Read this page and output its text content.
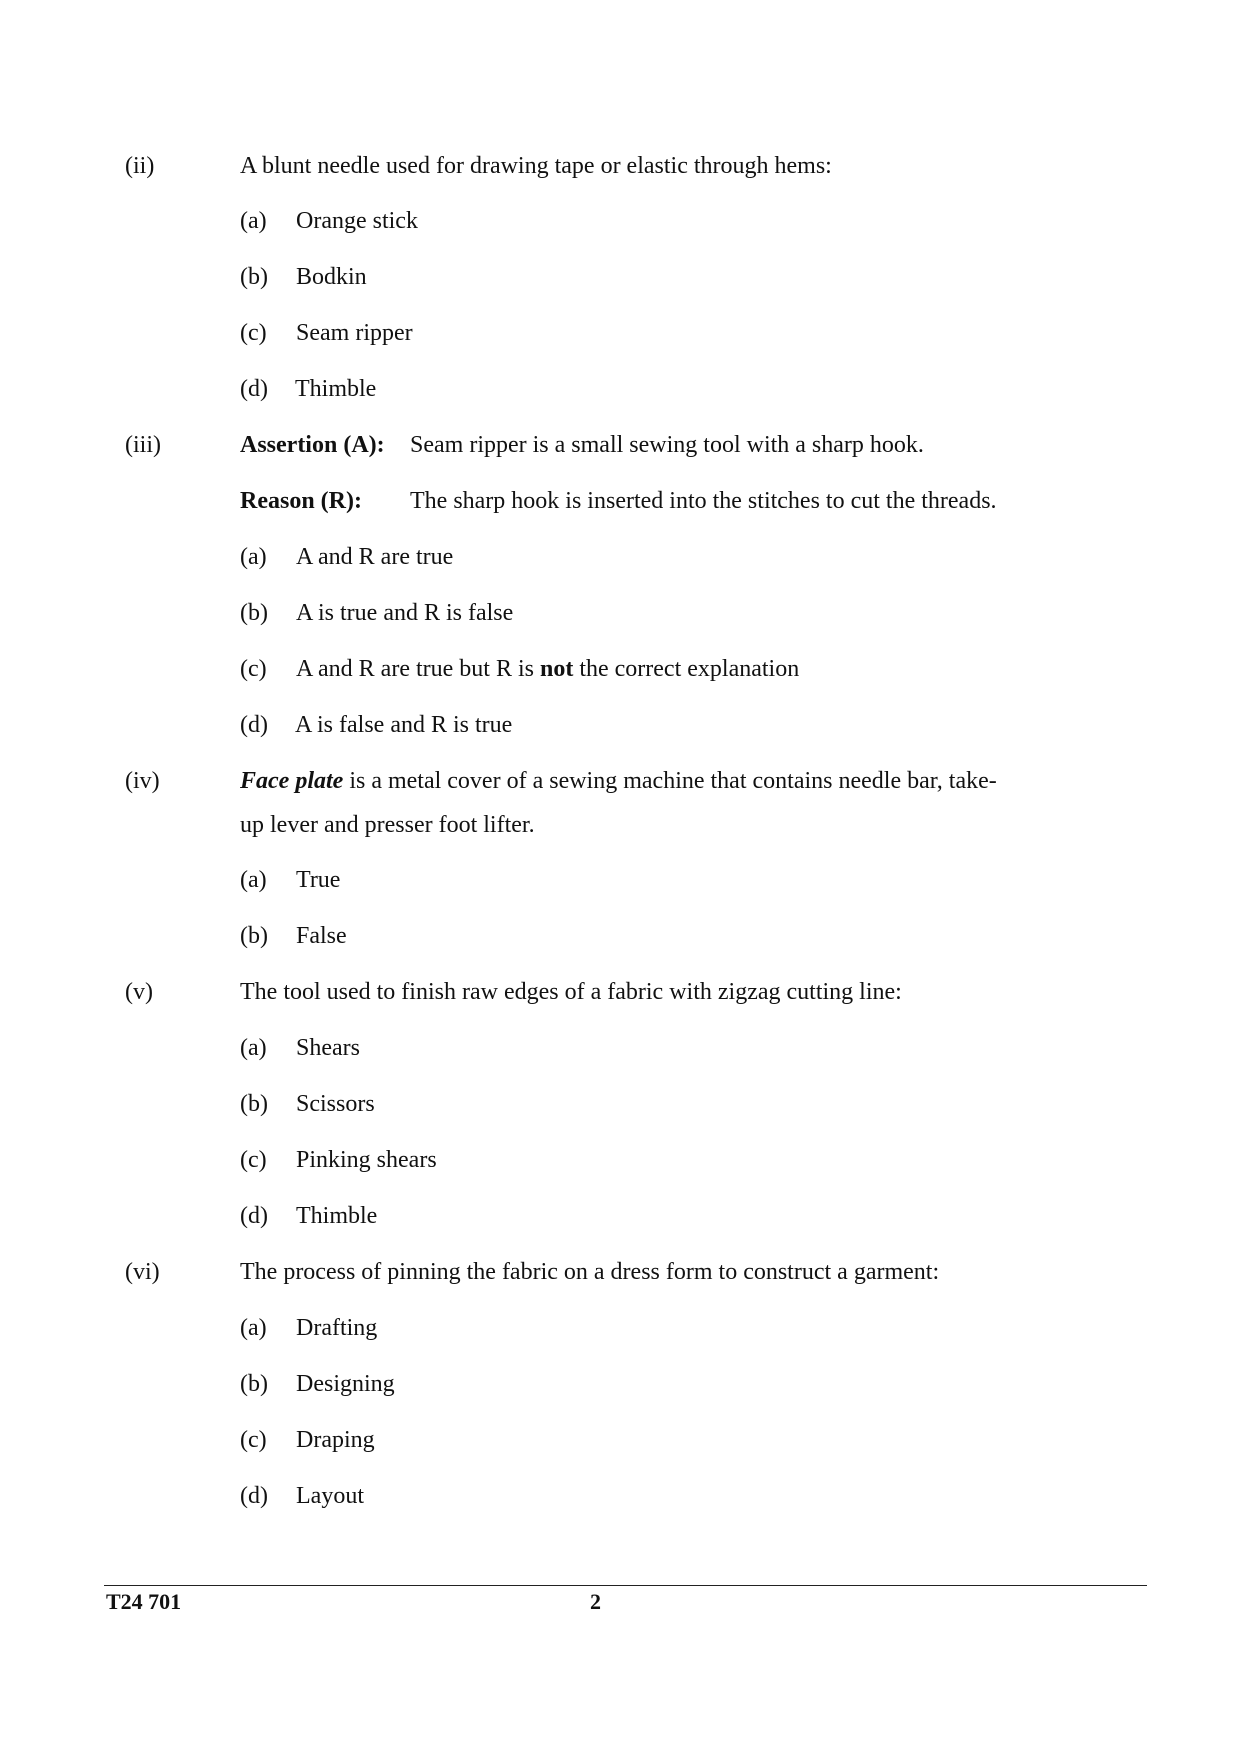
(ii)	A blunt needle used for drawing tape or elastic through hems:
(a)	Orange stick
(b)	Bodkin
(c)	Seam ripper
(d)	Thimble
(iii)	Assertion (A): Seam ripper is a small sewing tool with a sharp hook.
Reason (R): The sharp hook is inserted into the stitches to cut the threads.
(a)	A and R are true
(b)	A is true and R is false
(c)	A and R are true but R is not the correct explanation
(d)	A is false and R is true
(iv)	Face plate is a metal cover of a sewing machine that contains needle bar, take-
up lever and presser foot lifter.
(a)	True
(b)	False
(v)	The tool used to finish raw edges of a fabric with zigzag cutting line:
(a)	Shears
(b)	Scissors
(c)	Pinking shears
(d)	Thimble
(vi)	The process of pinning the fabric on a dress form to construct a garment:
(a)	Drafting
(b)	Designing
(c)	Draping
(d)	Layout
T24 701	2
